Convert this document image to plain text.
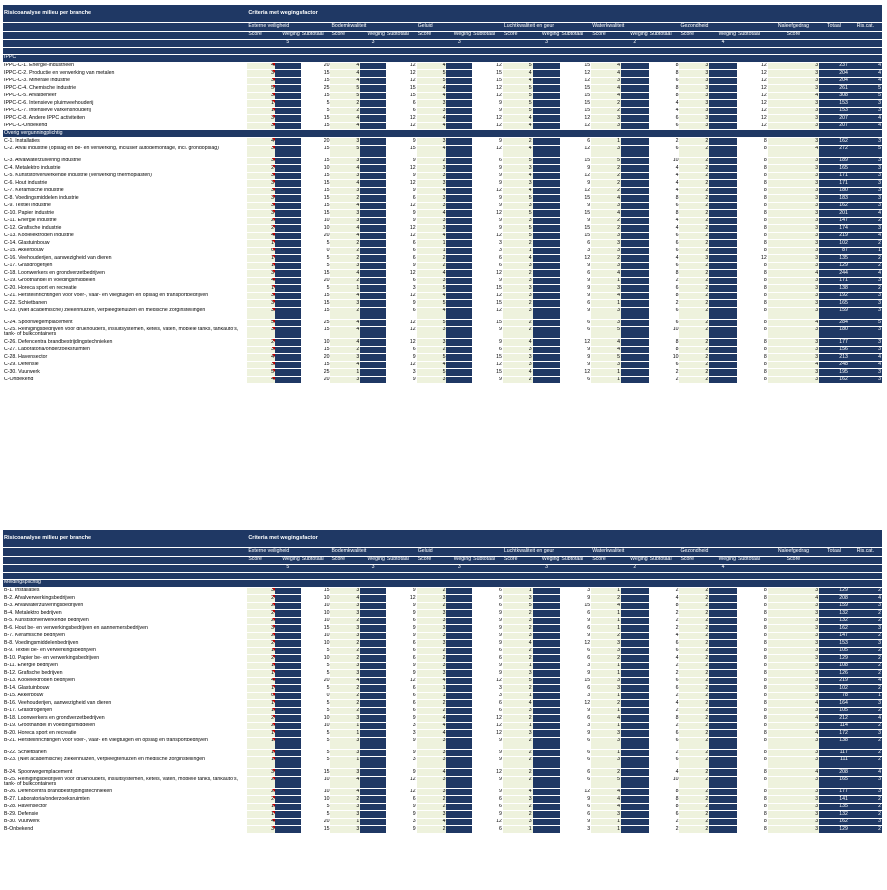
Risicoanalyse milieu per branche	Criteria met wegingsfactor																				
	Externe veiligheid			Bodemkwaliteit			Geluid			Luchtkwaliteit en geur			Waterkwaliteit			Gezondheid			Naleefgedrag	Totaal	Ris.cat.
	Score	Weging	Subtotaal	Score	Weging	Subtotaal	Score	Weging	Subtotaal	Score	Weging	Subtotaal	Score	Weging	Subtotaal	Score	Weging	Subtotaal	Score		
		5			3			3			3			2			4				

IPPC																					
IPPC-C-1. Energie-industrieën	4		20	4		12	4		12	5		15	4		8	3		12	3	237	4
IPPC-C-2. Productie en verwerking van metalen	3		15	4		12	5		15	4		12	4		8	3		12	3	204	4
IPPC-C-3. Minerale industrie	3		15	4		12	5		15	4		12	3		6	3		12	3	204	4
IPPC-C-4. Chemische industrie	5		25	5		15	4		12	5		15	4		8	3		12	3	261	5
IPPC-C-5. Afvalbeheer	3		15	5		15	4		12	5		15	4		8	3		12	4	308	5
IPPC-C-6. Intensieve pluimveehouderij	1		5	2		6	3		9	5		15	2		4	3		12	3	153	3
IPPC-C-7. Intensieve varkenshouderij	1		5	2		6	3		9	5		15	2		4	3		12	3	153	3
IPPC-C-8. Andere IPPC activiteiten	3		15	4		12	4		12	4		12	3		6	3		12	3	207	4
IPPC-C-Onbekend	3		15	4		12	4		12	4		12	3		6	3		12	3	207	4
Overig vergunningplichtig																					
C-1. Installaties	4		20	3		9	3		9	2		6	1		2	2		8	3	162	3
C-2. Afval industrie (opslag en be- en verwerking, inclusief autodemontage, incl. grondopslag)	3		15	5		15	4		12	4		12	3		6	2		8	4	272	5
C-3. Afvalwaterzuivering industrie	3		15	3		9	2		6	5		15	5		10	2		8	3	189	3
C-4. Metalektro industrie	2		10	4		12	3		9	3		9	2		4	2		8	3	165	3
C-5. Kunststofverwerkende industrie (verwerking thermoplasten)	3		15	3		9	3		9	4		12	2		4	2		8	3	171	3
C-6. Hout industrie	3		15	4		12	3		9	3		9	2		4	2		8	3	171	3
C-7. Keramische industrie	3		15	3		9	4		12	4		12	2		4	2		8	3	180	3
C-8. Voedingsmiddelen industrie	3		15	2		6	3		9	5		15	4		8	2		8	3	183	3
C-9. Textiel industrie	3		15	4		12	3		9	3		9	3		6	2		8	3	162	3
C-10. Papier industrie	3		15	3		9	4		12	5		15	4		8	2		8	3	201	4
C-11. Energie industrie	2		10	3		9	3		9	3		9	2		4	2		8	3	147	2
C-12. Grafische industrie	2		10	4		12	3		9	5		15	2		4	2		8	3	174	3
C-13. Koolelektroden industrie	4		20	4		12	4		12	5		15	3		6	2		8	3	219	4
C-14. Glastuinbouw	1		5	2		6	1		3	2		6	3		6	2		8	3	102	2
C-15. Akkerbouw	0		0	2		6	1		3	1		3	3		6	2		8	3	87	1
C-16. Veehouderijen, aanwezigheid van dieren	1		5	2		6	2		6	4		12	2		4	3		12	3	135	2
C-17. Grasdrogerijen	1		5	3		9	2		6	3		9	3		6	2		8	3	129	2
C-18. Loonwerkers en grondverzetbedrijven	3		15	4		12	4		12	2		6	4		8	2		8	4	244	4
C-19. Groothandel in voedingsmiddelen	4		20	2		6	3		9	3		9	1		2	2		8	3	171	3
C-20. Horeca sport en recreatie	1		5	1		3	5		15	3		9	3		6	2		8	3	138	2
C-21. Herstelinrichtingen voor voer-, vaar- en vliegtuigen en opslag en transportbedrijven	3		15	4		12	4		12	3		9	4		8	2		8	3	192	3
C-22. Schietbanen	3		15	3		9	5		15	2		6	1		2	2		8	3	165	3
C-23. (Niet academische) ziekenhuizen, verpleegtehuizen en medische zorginstellingen	3		15	2		6	4		12	3		9	3		6	2		8	3	159	3
C-24. Spoorwegemplacement	5		25	4		12	5		15	2		6	3		6	2		8	4	284	5
C-25. Reinigingsbedrijven voor drukhouders, insluitsystemen, ketels, vaten, mobiele tanks, tankauto's, tank- of bulkcontainers	3		15	4		12	3		9	2		6	5		10	2		8	3	180	3
C-26. Defencentra brandbestrijdingstechnieken	2		10	4		12	3		9	4		12	4		8	2		8	3	177	3
C-27. Laboratoria/onderzoeksruimten	3		15	2		6	2		6	3		9	4		8	2		8	3	156	3
C-28. Havensector	4		20	3		9	5		15	3		9	5		10	2		8	3	213	4
C-29. Defensie	3		15	4		12	4		12	3		9	3		6	2		8	4	248	4
C-30. Vuurwerk	5		25	1		3	5		15	4		12	1		2	2		8	3	195	3
C-Onbekend	4		20	3		9	3		9	2		6	1		2	2		8	3	162	3
Risicoanalyse milieu per branche	Criteria met wegingsfactor																				
	Externe veiligheid			Bodemkwaliteit			Geluid			Luchtkwaliteit en geur			Waterkwaliteit			Gezondheid			Naleefgedrag	Totaal	Ris.cat.
	Score	Weging	Subtotaal	Score	Weging	Subtotaal	Score	Weging	Subtotaal	Score	Weging	Subtotaal	Score	Weging	Subtotaal	Score	Weging	Subtotaal	Score		
		5			3			3			3			2			4				

Meldingsplichtig																					
B-1. Installaties	3		15	3		9	2		6	1		3	1		2	2		8	3	129	2
B-2. Afvalverwerkingsbedrijven	2		10	4		12	3		9	3		9	2		4	2		8	4	208	4
B-3. Afvalwaterzuiveringsbedrijven	2		10	3		9	2		6	5		15	4		8	2		8	3	159	3
B-4. Metalektro bedrijven	2		10	3		9	3		9	2		6	1		2	2		8	3	132	2
B-5. Kunststofverwerkende bedrijven	2		10	2		6	3		9	3		9	1		2	2		8	3	132	2
B-6. Hout be- en verwerkingsbedrijven en aannemersbedrijven	3		15	3		9	3		9	2		6	1		2	2		8	3	162	3
B-7. Keramische bedrijven	2		10	3		9	3		9	3		9	2		4	2		8	3	147	2
B-8. Voedingsmiddelenbedrijven	2		10	2		6	3		9	4		12	3		6	2		8	3	153	3
B-9. Textiel be- en verwerkingsbedrijven	1		5	2		6	2		6	2		6	3		6	2		8	3	105	2
B-10. Papier be- en verwerkingsbedrijven	2		10	2		6	2		6	2		6	2		4	2		8	3	129	2
B-11. Energie bedrijven	1		5	3		9	3		9	1		3	1		2	2		8	3	108	2
B-12. Grafische bedrijven	1		5	3		9	3		9	3		9	1		2	2		8	3	126	2
B-13. Koolelektroden bedrijven	4		20	4		12	4		12	5		15	3		6	2		8	3	219	4
B-14. Glastuinbouw	1		5	2		6	1		3	2		6	3		6	2		8	3	102	2
B-15. Akkerbouw	0		0	2		6	1		3	1		3	1		2	2		8	3	78	1
B-16. Veehouderijen, aanwezigheid van dieren	1		5	2		6	2		6	4		12	2		4	2		8	4	164	3
B-17. Grasdrogerijen	1		5	2		6	2		6	3		9	1		2	2		8	3	105	2
B-18. Loonwerkers en grondverzetbedrijven	2		10	3		9	4		12	2		6	4		8	2		8	4	212	4
B-19. Groothandel in voedingsmiddelen	2		10	1		3	4		12	1		3	1		2	2		8	3	114	2
B-20. Horeca sport en recreatie	1		5	1		3	4		12	3		9	3		6	2		8	4	172	3
B-21. Herstelinrichtingen voor voer-, vaar- en vliegtuigen en opslag en transportbedrijven	1		5	3		9	3		9	2		6	3		6	2		8	3	138	2
B-22. Schietbanen	1		5	3		9	3		9	2		6	1		2	2		8	3	117	2
B-23. (Niet academische) ziekenhuizen, verpleegtehuizen en medische zorginstellingen	1		5	1		3	3		9	2		6	3		6	2		8	3	111	2
B-24. Spoorwegemplacement	3		15	3		9	4		12	2		6	2		4	2		8	4	208	4
B-25. Reinigingsbedrijven voor drukhouders, insluitsystemen, ketels, vaten, mobiele tanks, tankauto's, tank- of bulkcontainers	2		10	4		12	3		9	2		6	5		10	2		8	3	165	3
B-26. Defencentra brandbestrijdingstechnieken	2		10	4		12	3		9	4		12	4		8	2		8	3	177	3
B-27. Laboratoria/onderzoeksruimten	2		10	2		6	2		6	3		9	4		8	2		8	3	141	2
B-28. Havensector	1		5	3		9	2		6	2		6	4		8	2		8	3	135	2
B-29. Defensie	1		5	3		9	3		9	2		6	3		6	2		8	3	132	2
B-30. Vuurwerk	4		20	1		3	4		12	3		9	1		2	2		8	3	162	3
B-Onbekend	3		15	3		9	2		6	1		3	1		2	2		8	3	129	2
